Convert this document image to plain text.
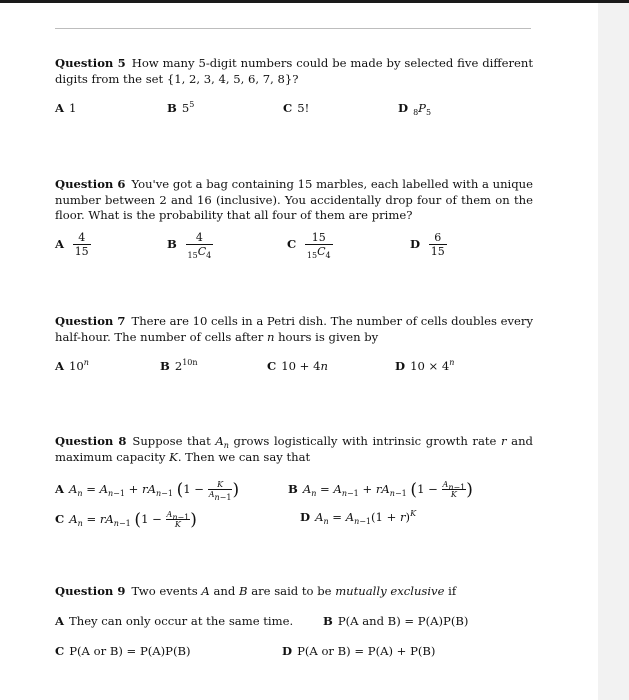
Question 5 How many 5-digit numbers could be made by selected five different digits from the set {1, 2, 3, 4, 5, 6, 7, 8}?
A 1	B $5^5$	C 5!	D $_8P_5$
Question 6 You've got a bag containing 15 marbles, each labelled with a unique number between 2 and 16 (inclusive). You accidentally drop four of them on the floor. What is the probability that all four of them are prime?
A $\frac{4}{15}$	B $\frac{4}{_{15}C_4}$	C $\frac{15}{_{15}C_4}$	D $\frac{6}{15}$
Question 7 There are 10 cells in a Petri dish. The number of cells doubles every half-hour. The number of cells after n hours is given by
A 10$^n$	B $2^{10n}$	C 10 + 4n	D $10 \times 4^n$
Question 8 Suppose that $A_n$ grows logistically with intrinsic growth rate r and maximum capacity K. Then we can say that
A $A_n = A_{n-1} + rA_{n-1}$ ($1 - \frac{K}{A_{n-1}}$ )	B $A_n = A_{n-1} + rA_{n-1}$ ($1 - \frac{A_{n-1}}{K}$ )
C $A_n = rA_{n-1}$ ($1 - \frac{A_{n-1}}{K}$ )	D $A_n = A_{n-1}(1 + r)^K$
Question 9 Two events A and B are said to be mutually exclusive if
A They can only occur at the same time.	B P(A and B) = P(A)P(B)
C P(A or B) = P(A)P(B)	D P(A or B) = P(A) + P(B)
